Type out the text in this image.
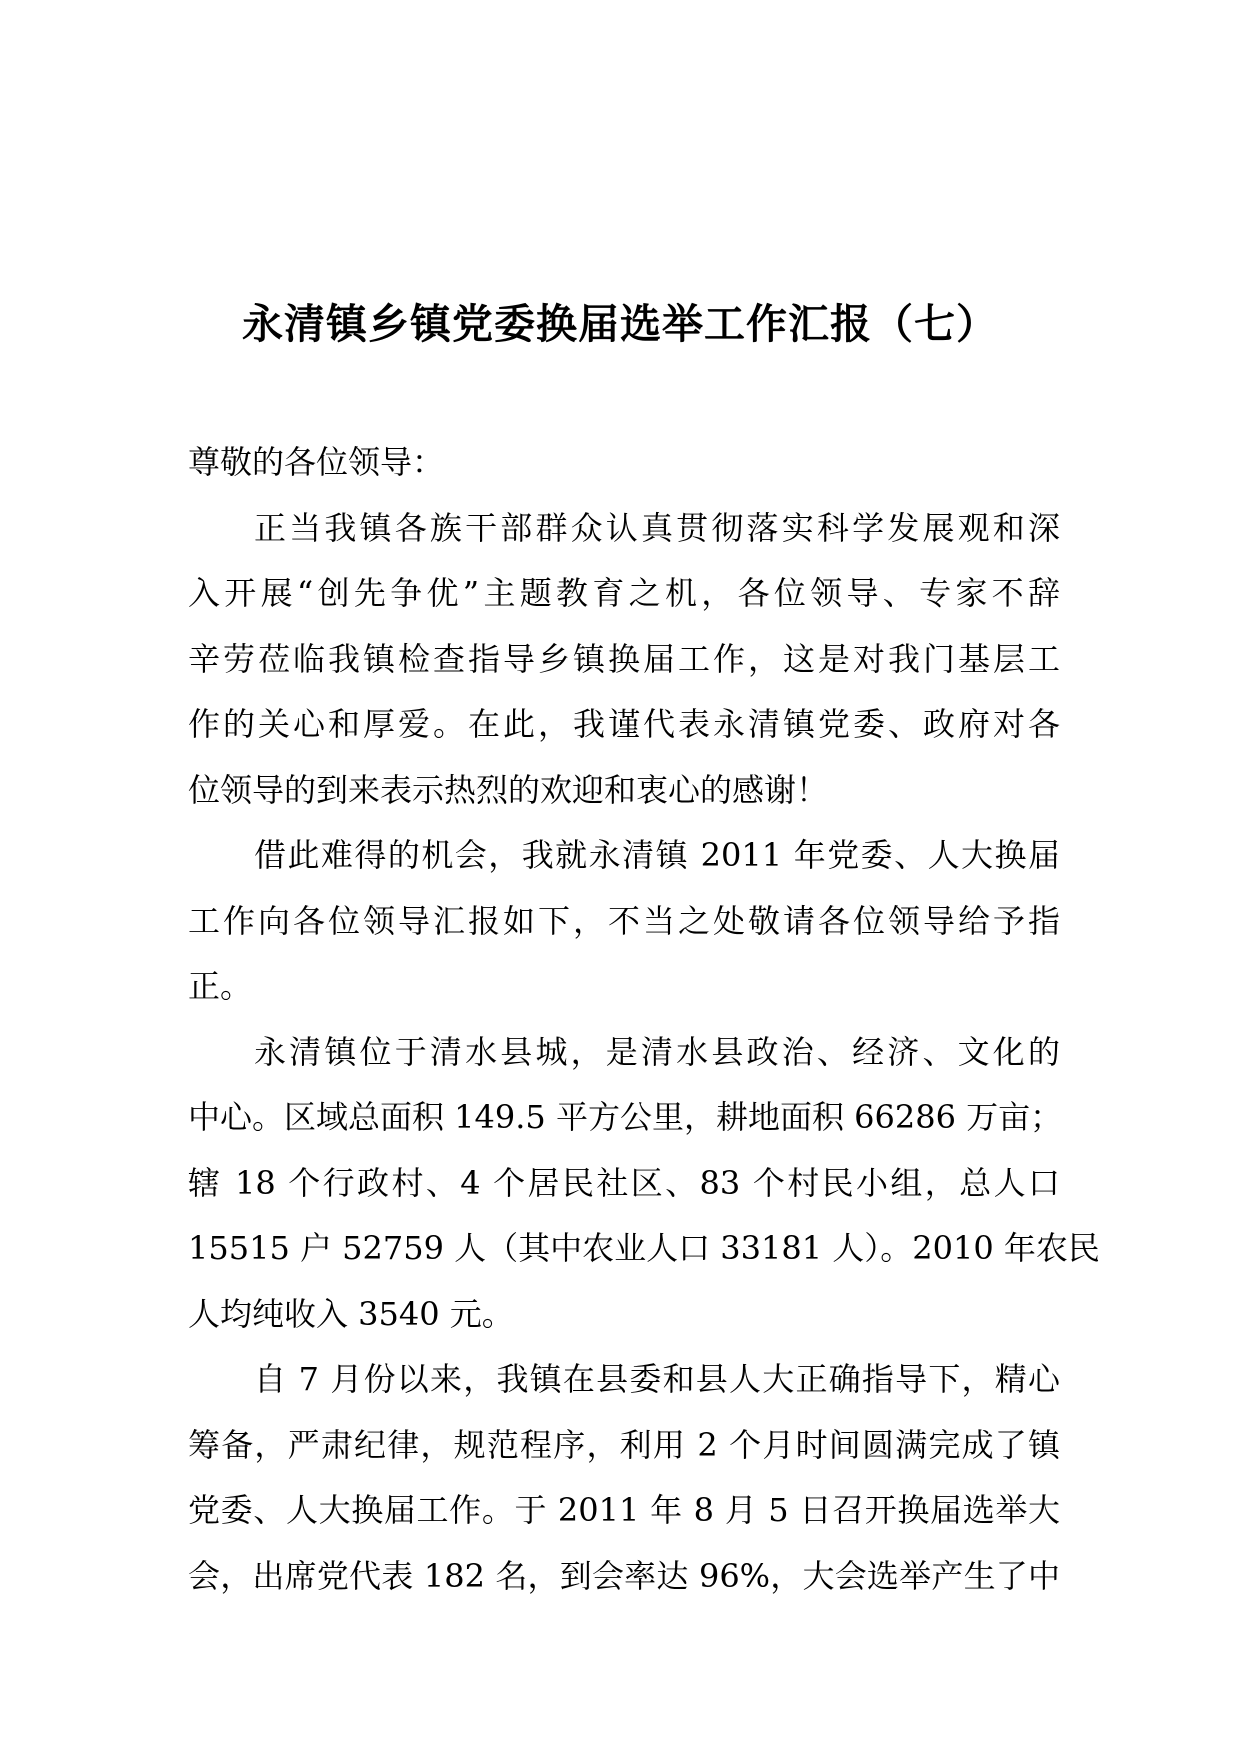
永清镇乡镇党委换届选举工作汇报（七）
尊敬的各位领导：
正当我镇各族干部群众认真贯彻落实科学发展观和深
入开展“创先争优”主题教育之机，各位领导、专家不辞
辛劳莅临我镇检查指导乡镇换届工作，这是对我门基层工
作的关心和厚爱。在此，我谨代表永清镇党委、政府对各
位领导的到来表示热烈的欢迎和衷心的感谢！
借此难得的机会，我就永清镇 2011 年党委、人大换届
工作向各位领导汇报如下，不当之处敬请各位领导给予指
正。
永清镇位于清水县城，是清水县政治、经济、文化的
中心。区域总面积 149.5 平方公里，耕地面积 66286 万亩；
辖 18 个行政村、4 个居民社区、83 个村民小组，总人口
15515 户 52759 人（其中农业人口 33181 人）。2010 年农民
人均纯收入 3540 元。
自 7 月份以来，我镇在县委和县人大正确指导下，精心
筹备，严肃纪律，规范程序，利用 2 个月时间圆满完成了镇
党委、人大换届工作。于 2011 年 8 月 5 日召开换届选举大
会，出席党代表 182 名，到会率达 96%，大会选举产生了中
